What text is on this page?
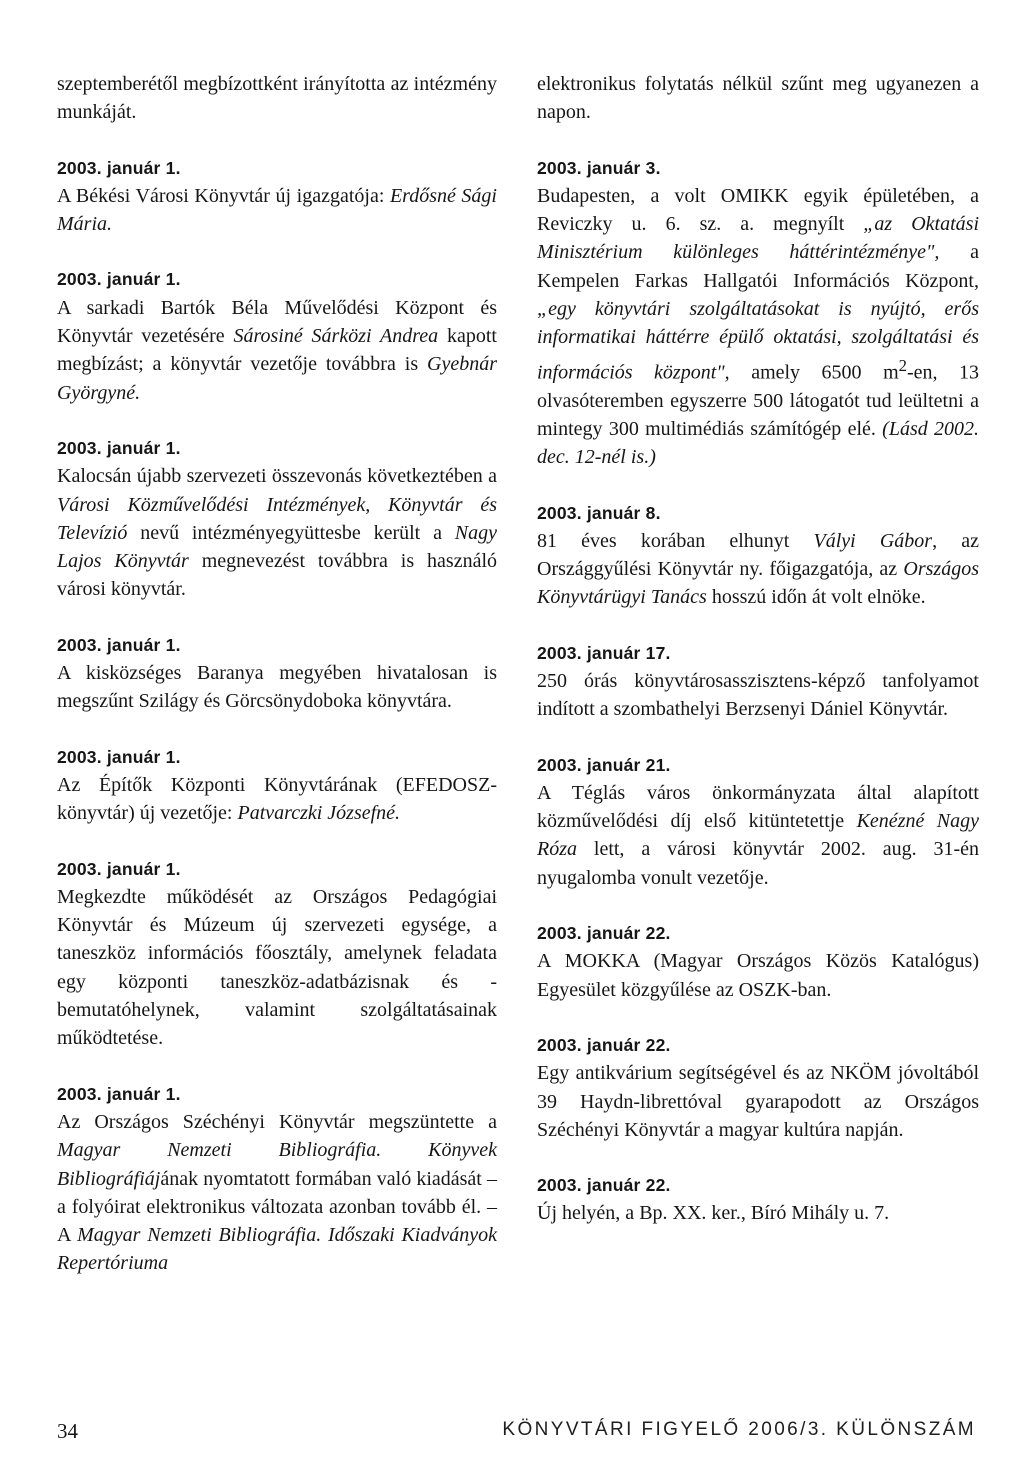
szeptemberétől megbízottként irányította az intézmény munkáját.

2003. január 1.

A Békési Városi Könyvtár új igazgatója: Erdősné Sági Mária.

2003. január 1.

A sarkadi Bartók Béla Művelődési Központ és Könyvtár vezetésére Sárosiné Sárközi Andrea kapott megbízást; a könyvtár vezetője továbbra is Gyebnár Györgyné.

2003. január 1.

Kalocsán újabb szervezeti összevonás következtében a Városi Közművelődési Intézmények, Könyvtár és Televízió nevű intézményegyüttesbe került a Nagy Lajos Könyvtár megnevezést továbbra is használó városi könyvtár.

2003. január 1.

A kisközséges Baranya megyében hivatalosan is megszűnt Szilágy és Görcsönydoboka könyvtára.

2003. január 1.

Az Építők Központi Könyvtárának (EFEDOSZ-könyvtár) új vezetője: Patvarczki Józsefné.

2003. január 1.

Megkezdte működését az Országos Pedagógiai Könyvtár és Múzeum új szervezeti egysége, a taneszköz információs főosztály, amelynek feladata egy központi taneszköz-adatbázisnak és -bemutatóhelynek, valamint szolgáltatásainak működtetése.

2003. január 1.

Az Országos Széchényi Könyvtár megszüntette a Magyar Nemzeti Bibliográfia. Könyvek Bibliográfiájának nyomtatott formában való kiadását – a folyóirat elektronikus változata azonban tovább él. – A Magyar Nemzeti Bibliográfia. Időszaki Kiadványok Repertóriuma

elektronikus folytatás nélkül szűnt meg ugyanezen a napon.

2003. január 3.

Budapesten, a volt OMIKK egyik épületében, a Reviczky u. 6. sz. a. megnyílt „az Oktatási Minisztérium különleges háttérintézménye", a Kempelen Farkas Hallgatói Információs Központ, „egy könyvtári szolgáltatásokat is nyújtó, erős informatikai háttérre épülő oktatási, szolgáltatási és információs központ", amely 6500 $m^2-en$, 13 olvasóteremben egyszerre 500 látogatót tud leültetni a mintegy 300 multimédiás számítógép elé. (Lásd 2002. dec. 12-nél is.)

2003. január 8.

81 éves korában elhunyt Vályi Gábor, az Országgyűlési Könyvtár ny. főigazgatója, az Országos Könyvtárügyi Tanács hosszú időn át volt elnöke.

2003. január 17.

250 órás könyvtárosasszisztens-képző tanfolyamot indított a szombathelyi Berzsenyi Dániel Könyvtár.

2003. január 21.

A Téglás város önkormányzata által alapított közművelődési díj első kitüntetettje Kenézné Nagy Róza lett, a városi könyvtár 2002. aug. 31-én nyugalomba vonult vezetője.

2003. január 22.

A MOKKA (Magyar Országos Közös Katalógus) Egyesület közgyűlése az OSZK-ban.

2003. január 22.

Egy antikvárium segítségével és az NKÖM jóvoltából 39 Haydn-librettóval gyarapodott az Országos Széchényi Könyvtár a magyar kultúra napján.

2003. január 22.

Új helyén, a Bp. XX. ker., Bíró Mihály u. 7.

34	KÖNYVTÁRI FIGYELŐ 2006/3. KÜLÖNSZÁM
